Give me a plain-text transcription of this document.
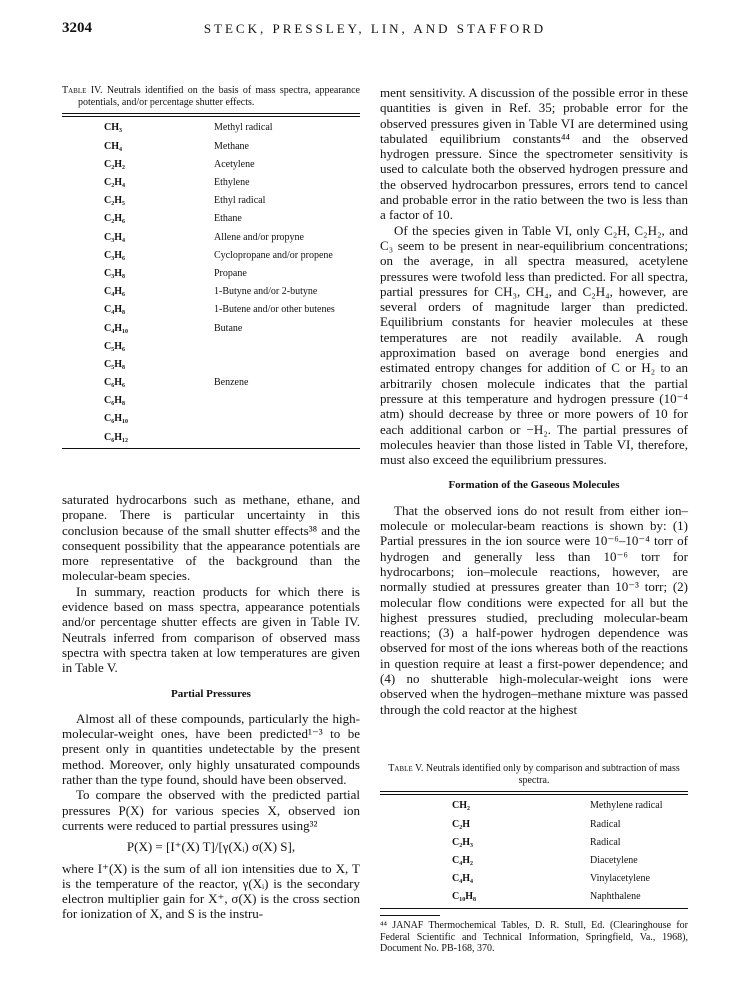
3204	STECK, PRESSLEY, LIN, AND STAFFORD

Table IV. Neutrals identified on the basis of mass spectra, appearance potentials, and/or percentage shutter effects.

CH₃	Methyl radical
CH₄	Methane
C₂H₂	Acetylene
C₂H₄	Ethylene
C₂H₅	Ethyl radical
C₂H₆	Ethane
C₃H₄	Allene and/or propyne
C₃H₆	Cyclopropane and/or propene
C₃H₈	Propane
C₄H₆	1-Butyne and/or 2-butyne
C₄H₈	1-Butene and/or other butenes
C₄H₁₀	Butane
C₅H₆	
C₅H₈	
C₆H₆	Benzene
C₆H₈	
C₆H₁₀	
C₆H₁₂	

saturated hydrocarbons such as methane, ethane, and propane. There is particular uncertainty in this conclusion because of the small shutter effects³⁸ and the consequent possibility that the appearance potentials are more representative of the background than the molecular-beam species.

In summary, reaction products for which there is evidence based on mass spectra, appearance potentials and/or percentage shutter effects are given in Table IV. Neutrals inferred from comparison of observed mass spectra with spectra taken at low temperatures are given in Table V.

Partial Pressures

Almost all of these compounds, particularly the high-molecular-weight ones, have been predicted¹⁻³ to be present only in quantities undetectable by the present method. Moreover, only highly unsaturated compounds rather than the type found, should have been observed.

To compare the observed with the predicted partial pressures P(X) for various species X, observed ion currents were reduced to partial pressures using³²

P(X) = [I⁺(X) T]/[γ(Xᵢ) σ(X) S],

where I⁺(X) is the sum of all ion intensities due to X, T is the temperature of the reactor, γ(Xᵢ) is the secondary electron multiplier gain for X⁺, σ(X) is the cross section for ionization of X, and S is the instru-

ment sensitivity. A discussion of the possible error in these quantities is given in Ref. 35; probable error for the observed pressures given in Table VI are determined using tabulated equilibrium constants⁴⁴ and the observed hydrogen pressure. Since the spectrometer sensitivity is used to calculate both the observed hydrogen pressure and the observed hydrocarbon pressures, errors tend to cancel and probable error in the ratio between the two is less than a factor of 10.

Of the species given in Table VI, only C₂H, C₂H₂, and C₃ seem to be present in near-equilibrium concentrations; on the average, in all spectra measured, acetylene pressures were twofold less than predicted. For all spectra, partial pressures for CH₃, CH₄, and C₂H₄, however, are several orders of magnitude larger than predicted. Equilibrium constants for heavier molecules at these temperatures are not readily available. A rough approximation based on average bond energies and estimated entropy changes for addition of C or H₂ to an arbitrarily chosen molecule indicates that the partial pressure at this temperature and hydrogen pressure (10⁻⁴ atm) should decrease by three or more powers of 10 for each additional carbon or −H₂. The partial pressures of molecules heavier than those listed in Table VI, therefore, must also exceed the equilibrium pressures.

Formation of the Gaseous Molecules

That the observed ions do not result from either ion–molecule or molecular-beam reactions is shown by: (1) Partial pressures in the ion source were 10⁻⁶–10⁻⁴ torr of hydrogen and generally less than 10⁻⁶ torr for hydrocarbons; ion–molecule reactions, however, are normally studied at pressures greater than 10⁻³ torr; (2) molecular flow conditions were expected for all but the highest pressures studied, precluding molecular-beam reactions; (3) a half-power hydrogen dependence was observed for most of the ions whereas both of the reactions in question require at least a first-power dependence; and (4) no shutterable high-molecular-weight ions were observed when the hydrogen–methane mixture was passed through the cold reactor at the highest

Table V. Neutrals identified only by comparison and subtraction of mass spectra.

CH₂	Methylene radical
C₂H	Radical
C₂H₃	Radical
C₄H₂	Diacetylene
C₄H₄	Vinylacetylene
C₁₀H₈	Naphthalene

⁴⁴ JANAF Thermochemical Tables, D. R. Stull, Ed. (Clearinghouse for Federal Scientific and Technical Information, Springfield, Va., 1968), Document No. PB-168, 370.
